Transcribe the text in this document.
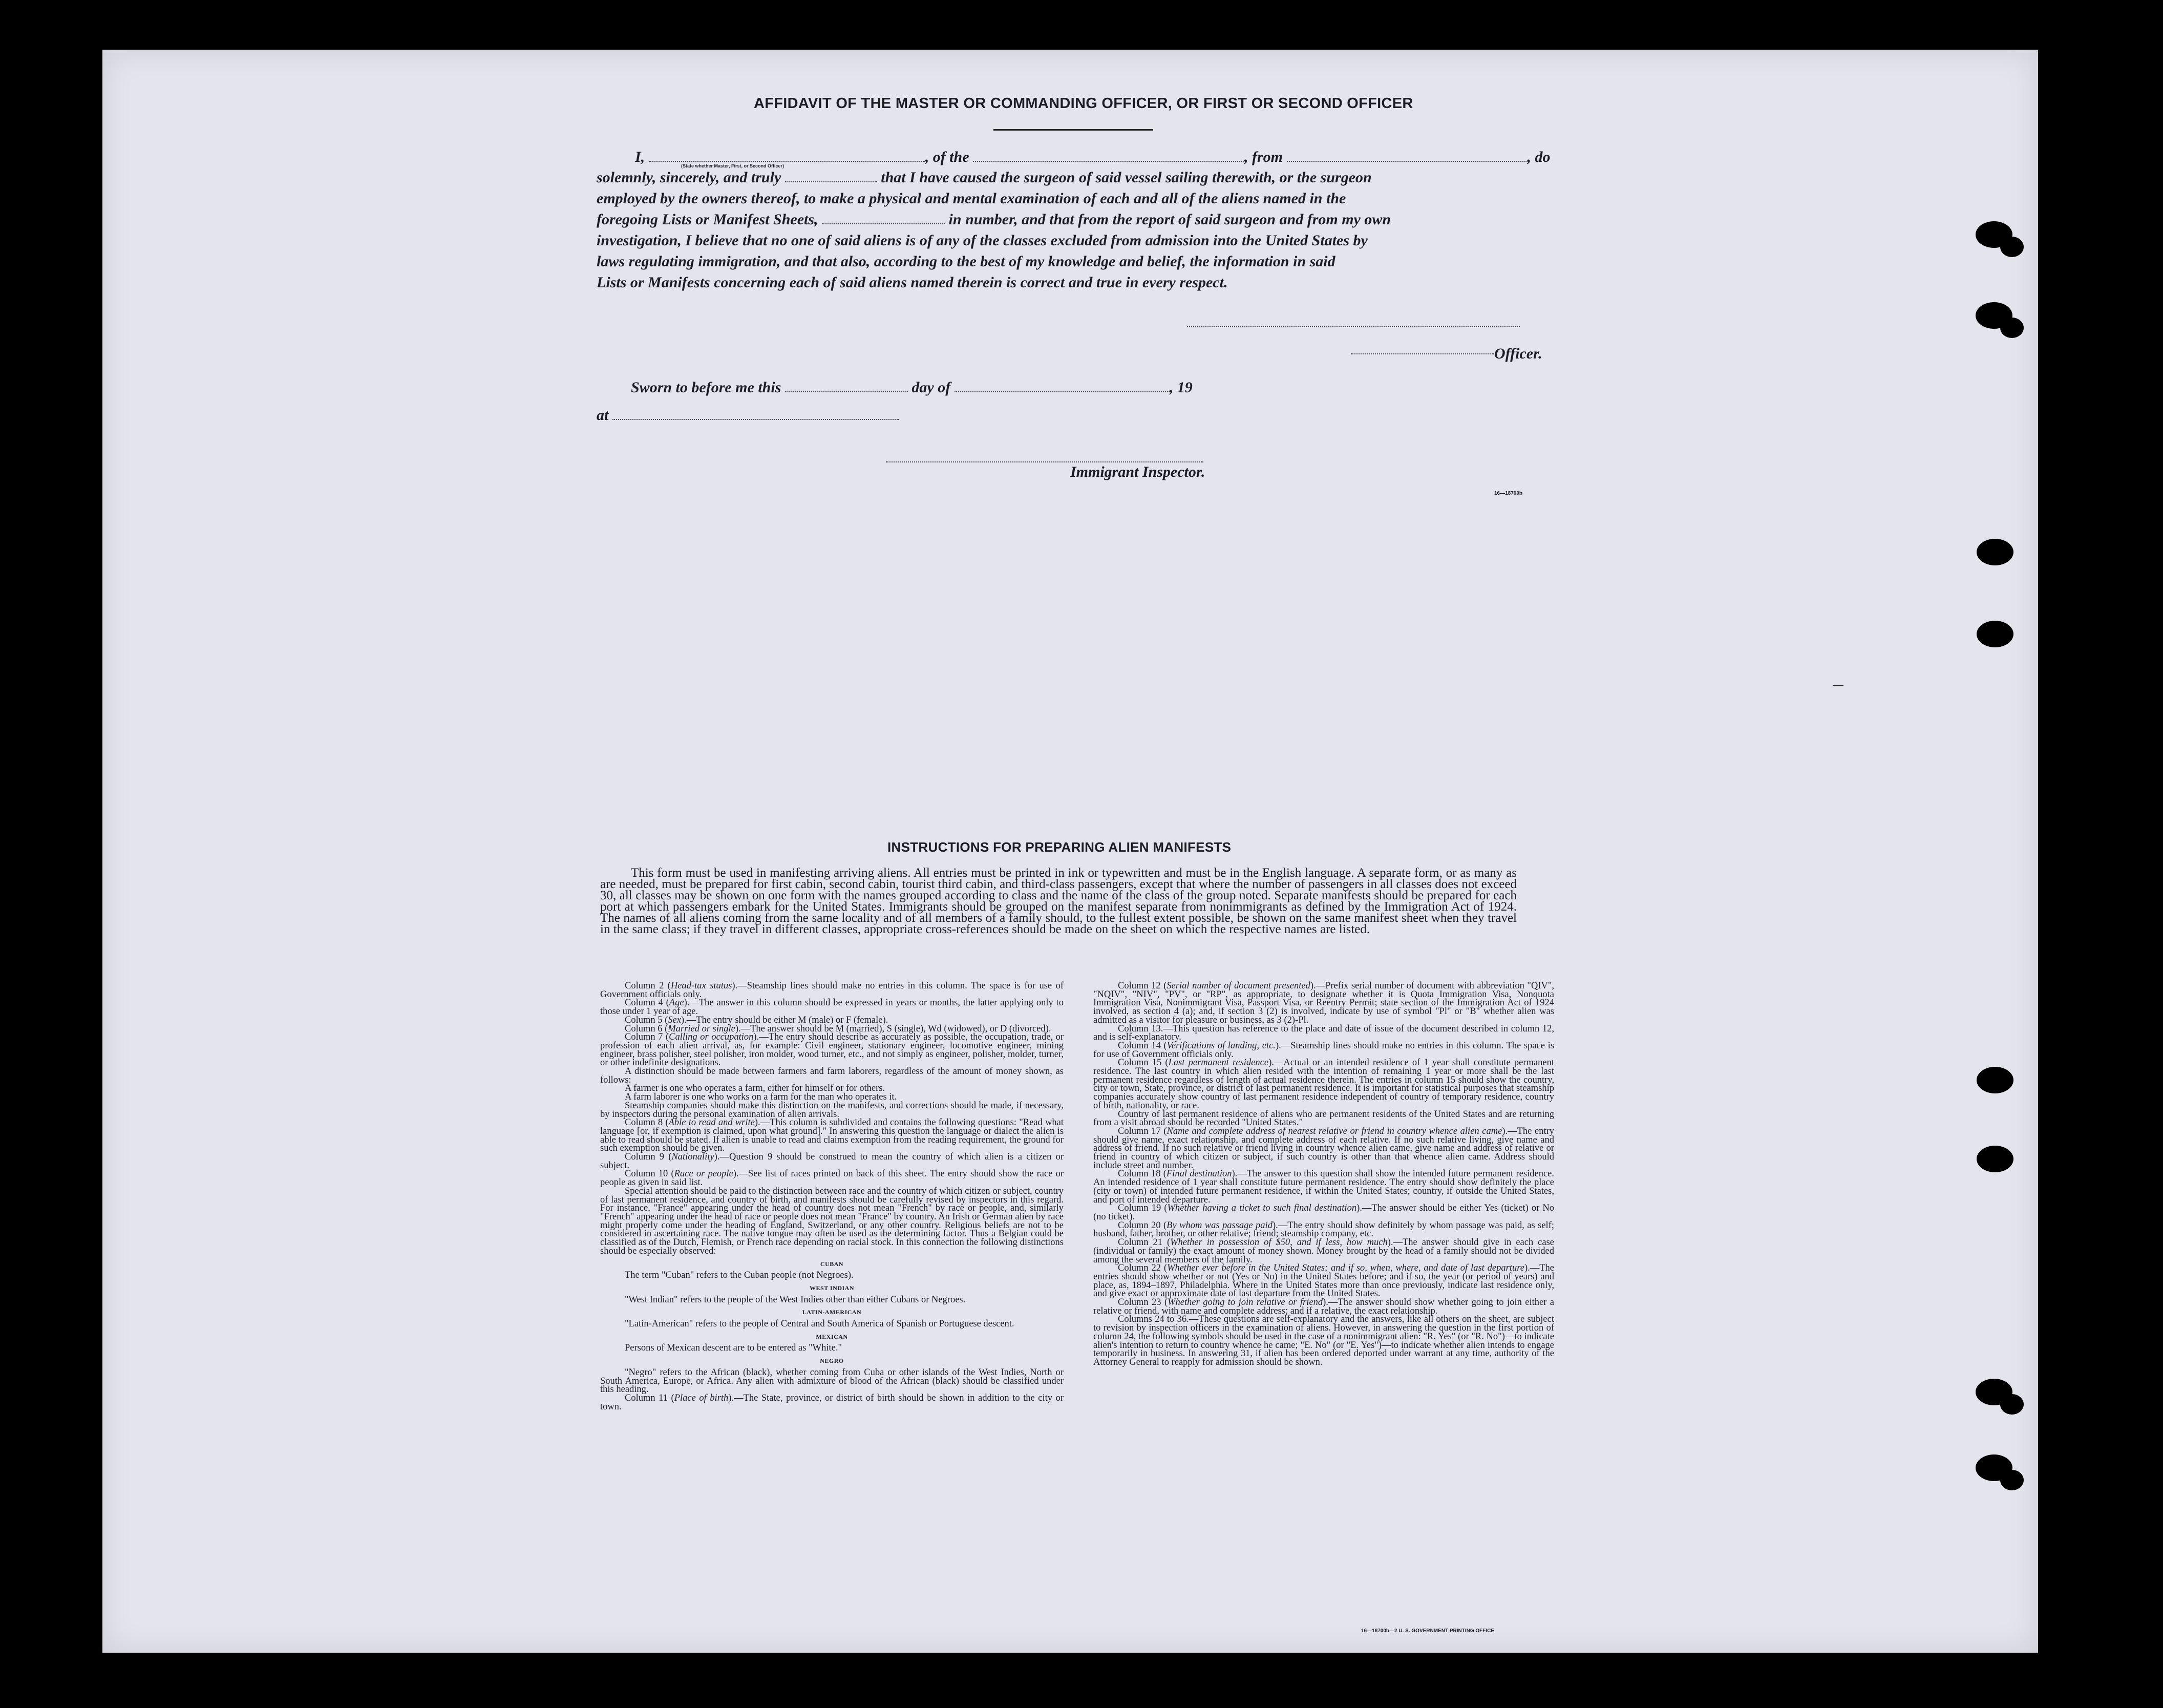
AFFIDAVIT OF THE MASTER OR COMMANDING OFFICER, OR FIRST OR SECOND OFFICER
I,	, of the	, from	, do
(State whether Master, First, or Second Officer)
solemnly, sincerely, and truly	that I have caused the surgeon of said vessel sailing therewith, or the surgeon
employed by the owners thereof, to make a physical and mental examination of each and all of the aliens named in the
foregoing Lists or Manifest Sheets,	in number, and that from the report of said surgeon and from my own
investigation, I believe that no one of said aliens is of any of the classes excluded from admission into the United States by
laws regulating immigration, and that also, according to the best of my knowledge and belief, the information in said
Lists or Manifests concerning each of said aliens named therein is correct and true in every respect.
Officer.
Sworn to before me this	day of	, 19
at
Immigrant Inspector.
16—18700b
INSTRUCTIONS FOR PREPARING ALIEN MANIFESTS
This form must be used in manifesting arriving aliens. All entries must be printed in ink or typewritten and must be in the English language. A separate form, or as many as are needed, must be prepared for first cabin, second cabin, tourist third cabin, and third-class passengers, except that where the number of passengers in all classes does not exceed 30, all classes may be shown on one form with the names grouped according to class and the name of the class of the group noted. Separate manifests should be prepared for each port at which passengers embark for the United States. Immigrants should be grouped on the manifest separate from nonimmigrants as defined by the Immigration Act of 1924. The names of all aliens coming from the same locality and of all members of a family should, to the fullest extent possible, be shown on the same manifest sheet when they travel in the same class; if they travel in different classes, appropriate cross-references should be made on the sheet on which the respective names are listed.

Column 2 (Head-tax status).—Steamship lines should make no entries in this column. The space is for use of Government officials only.

Column 4 (Age).—The answer in this column should be expressed in years or months, the latter applying only to those under 1 year of age.

Column 5 (Sex).—The entry should be either M (male) or F (female).

Column 6 (Married or single).—The answer should be M (married), S (single), Wd (widowed), or D (divorced).

Column 7 (Calling or occupation).—The entry should describe as accurately as possible, the occupation, trade, or profession of each alien arrival, as, for example: Civil engineer, stationary engineer, locomotive engineer, mining engineer, brass polisher, steel polisher, iron molder, wood turner, etc., and not simply as engineer, polisher, molder, turner, or other indefinite designations.

A distinction should be made between farmers and farm laborers, regardless of the amount of money shown, as follows:

A farmer is one who operates a farm, either for himself or for others.

A farm laborer is one who works on a farm for the man who operates it.

Steamship companies should make this distinction on the manifests, and corrections should be made, if necessary, by inspectors during the personal examination of alien arrivals.

Column 8 (Able to read and write).—This column is subdivided and contains the following questions: "Read what language [or, if exemption is claimed, upon what ground]." In answering this question the language or dialect the alien is able to read should be stated. If alien is unable to read and claims exemption from the reading requirement, the ground for such exemption should be given.

Column 9 (Nationality).—Question 9 should be construed to mean the country of which alien is a citizen or subject.

Column 10 (Race or people).—See list of races printed on back of this sheet. The entry should show the race or people as given in said list.

Special attention should be paid to the distinction between race and the country of which citizen or subject, country of last permanent residence, and country of birth, and manifests should be carefully revised by inspectors in this regard. For instance, "France" appearing under the head of country does not mean "French" by race or people, and, similarly "French" appearing under the head of race or people does not mean "France" by country. An Irish or German alien by race might properly come under the heading of England, Switzerland, or any other country. Religious beliefs are not to be considered in ascertaining race. The native tongue may often be used as the determining factor. Thus a Belgian could be classified as of the Dutch, Flemish, or French race depending on racial stock. In this connection the following distinctions should be especially observed:

CUBAN

The term "Cuban" refers to the Cuban people (not Negroes).

WEST INDIAN

"West Indian" refers to the people of the West Indies other than either Cubans or Negroes.

LATIN-AMERICAN

"Latin-American" refers to the people of Central and South America of Spanish or Portuguese descent.

MEXICAN

Persons of Mexican descent are to be entered as "White."

NEGRO

"Negro" refers to the African (black), whether coming from Cuba or other islands of the West Indies, North or South America, Europe, or Africa. Any alien with admixture of blood of the African (black) should be classified under this heading.

Column 11 (Place of birth).—The State, province, or district of birth should be shown in addition to the city or town.

Column 12 (Serial number of document presented).—Prefix serial number of document with abbreviation "QIV", "NQIV", "NIV", "PV", or "RP", as appropriate, to designate whether it is Quota Immigration Visa, Nonquota Immigration Visa, Nonimmigrant Visa, Passport Visa, or Reentry Permit; state section of the Immigration Act of 1924 involved, as section 4 (a); and, if section 3 (2) is involved, indicate by use of symbol "Pl" or "B" whether alien was admitted as a visitor for pleasure or business, as 3 (2)-Pl.

Column 13.—This question has reference to the place and date of issue of the document described in column 12, and is self-explanatory.

Column 14 (Verifications of landing, etc.).—Steamship lines should make no entries in this column. The space is for use of Government officials only.

Column 15 (Last permanent residence).—Actual or an intended residence of 1 year shall constitute permanent residence. The last country in which alien resided with the intention of remaining 1 year or more shall be the last permanent residence regardless of length of actual residence therein. The entries in column 15 should show the country, city or town, State, province, or district of last permanent residence. It is important for statistical purposes that steamship companies accurately show country of last permanent residence independent of country of temporary residence, country of birth, nationality, or race.

Country of last permanent residence of aliens who are permanent residents of the United States and are returning from a visit abroad should be recorded "United States."

Column 17 (Name and complete address of nearest relative or friend in country whence alien came).—The entry should give name, exact relationship, and complete address of each relative. If no such relative living, give name and address of friend. If no such relative or friend living in country whence alien came, give name and address of relative or friend in country of which citizen or subject, if such country is other than that whence alien came. Address should include street and number.

Column 18 (Final destination).—The answer to this question shall show the intended future permanent residence. An intended residence of 1 year shall constitute future permanent residence. The entry should show definitely the place (city or town) of intended future permanent residence, if within the United States; country, if outside the United States, and port of intended departure.

Column 19 (Whether having a ticket to such final destination).—The answer should be either Yes (ticket) or No (no ticket).

Column 20 (By whom was passage paid).—The entry should show definitely by whom passage was paid, as self; husband, father, brother, or other relative; friend; steamship company, etc.

Column 21 (Whether in possession of $50, and if less, how much).—The answer should give in each case (individual or family) the exact amount of money shown. Money brought by the head of a family should not be divided among the several members of the family.

Column 22 (Whether ever before in the United States; and if so, when, where, and date of last departure).—The entries should show whether or not (Yes or No) in the United States before; and if so, the year (or period of years) and place, as, 1894–1897, Philadelphia. Where in the United States more than once previously, indicate last residence only, and give exact or approximate date of last departure from the United States.

Column 23 (Whether going to join relative or friend).—The answer should show whether going to join either a relative or friend, with name and complete address; and if a relative, the exact relationship.

Columns 24 to 36.—These questions are self-explanatory and the answers, like all others on the sheet, are subject to revision by inspection officers in the examination of aliens. However, in answering the question in the first portion of column 24, the following symbols should be used in the case of a nonimmigrant alien: "R. Yes" (or "R. No")—to indicate alien's intention to return to country whence he came; "E. No" (or "E. Yes")—to indicate whether alien intends to engage temporarily in business. In answering 31, if alien has been ordered deported under warrant at any time, authority of the Attorney General to reapply for admission should be shown.

16—18700b—2 U. S. GOVERNMENT PRINTING OFFICE
